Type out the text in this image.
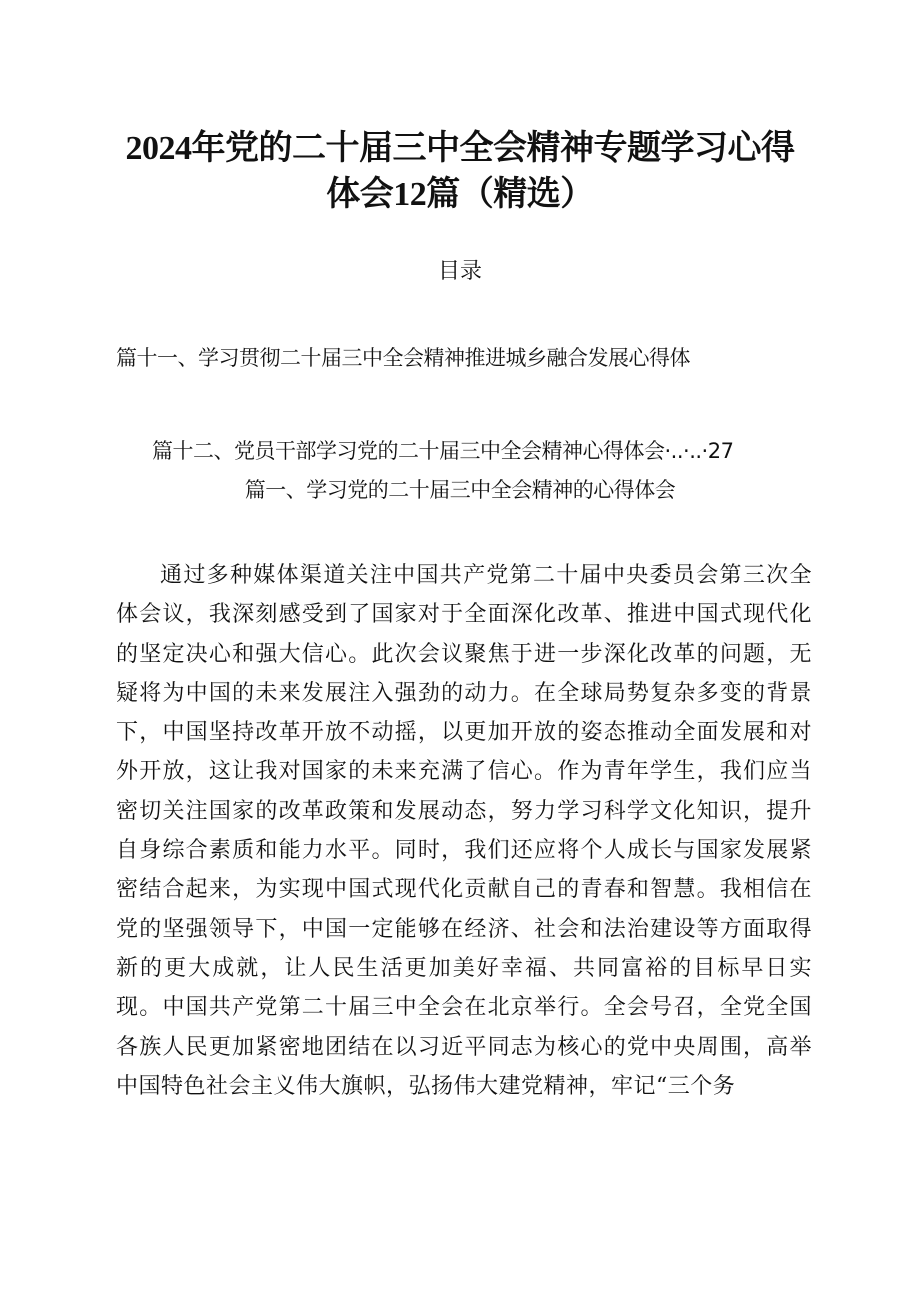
2024年党的二十届三中全会精神专题学习心得
体会12篇（精选）
目录
篇十一、学习贯彻二十届三中全会精神推进城乡融合发展心得体
篇十二、党员干部学习党的二十届三中全会精神心得体会·..·..·27
篇一、学习党的二十届三中全会精神的心得体会

通过多种媒体渠道关注中国共产党第二十届中央委员会第三次全体会议，我深刻感受到了国家对于全面深化改革、推进中国式现代化的坚定决心和强大信心。此次会议聚焦于进一步深化改革的问题，无疑将为中国的未来发展注入强劲的动力。在全球局势复杂多变的背景下，中国坚持改革开放不动摇，以更加开放的姿态推动全面发展和对外开放，这让我对国家的未来充满了信心。作为青年学生，我们应当密切关注国家的改革政策和发展动态，努力学习科学文化知识，提升自身综合素质和能力水平。同时，我们还应将个人成长与国家发展紧密结合起来，为实现中国式现代化贡献自己的青春和智慧。我相信在党的坚强领导下，中国一定能够在经济、社会和法治建设等方面取得新的更大成就，让人民生活更加美好幸福、共同富裕的目标早日实现。中国共产党第二十届三中全会在北京举行。全会号召，全党全国各族人民更加紧密地团结在以习近平同志为核心的党中央周围，高举中国特色社会主义伟大旗帜，弘扬伟大建党精神，牢记“三个务
